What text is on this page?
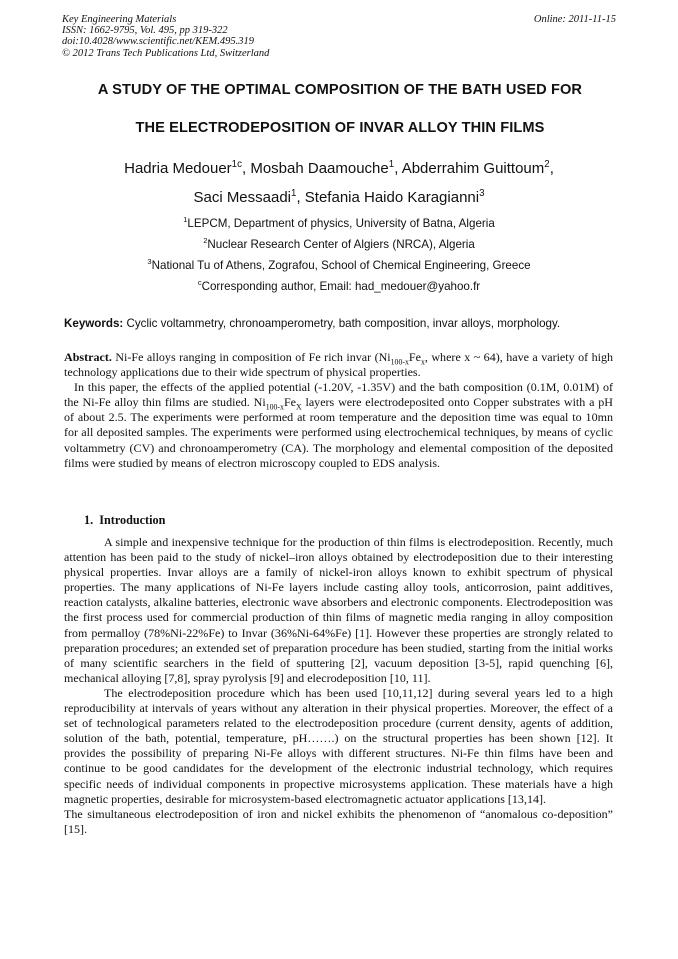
Key Engineering Materials
ISSN: 1662-9795, Vol. 495, pp 319-322
doi:10.4028/www.scientific.net/KEM.495.319
© 2012 Trans Tech Publications Ltd, Switzerland
Online: 2011-11-15
A STUDY OF THE OPTIMAL COMPOSITION OF THE BATH USED FOR
THE ELECTRODEPOSITION OF INVAR ALLOY THIN FILMS
Hadria Medouer$^{1c}$, Mosbah Daamouche$^1$, Abderrahim Guittoum$^2$,
Saci Messaadi$^1$, Stefania Haido Karagianni$^3$
$^1$LEPCM, Department of physics, University of Batna, Algeria
$^2$Nuclear Research Center of Algiers (NRCA), Algeria
$^3$National Tu of Athens, Zografou, School of Chemical Engineering, Greece
$^c$Corresponding author, Email: had_medouer@yahoo.fr
Keywords: Cyclic voltammetry, chronoamperometry, bath composition, invar alloys, morphology.

Abstract. Ni-Fe alloys ranging in composition of Fe rich invar ($Ni_{100-x}Fe_x$, where x ~ 64), have a variety of high technology applications due to their wide spectrum of physical properties.

In this paper, the effects of the applied potential (-1.20V, -1.35V) and the bath composition (0.1M, 0.01M) of the Ni-Fe alloy thin films are studied. $Ni_{100-x}Fe_X$ layers were electrodeposited onto Copper substrates with a pH of about 2.5. The experiments were performed at room temperature and the deposition time was equal to 10mn for all deposited samples. The experiments were performed using electrochemical techniques, by means of cyclic voltammetry (CV) and chronoamperometry (CA). The morphology and elemental composition of the deposited films were studied by means of electron microscopy coupled to EDS analysis.

1. Introduction

A simple and inexpensive technique for the production of thin films is electrodeposition. Recently, much attention has been paid to the study of nickel–iron alloys obtained by electrodeposition due to their interesting physical properties. Invar alloys are a family of nickel-iron alloys known to exhibit spectrum of physical properties. The many applications of Ni-Fe layers include casting alloy tools, anticorrosion, paint additives, reaction catalysts, alkaline batteries, electronic wave absorbers and electronic components. Electrodeposition was the first process used for commercial production of thin films of magnetic media ranging in alloy composition from permalloy (78%Ni-22%Fe) to Invar (36%Ni-64%Fe) [1]. However these properties are strongly related to preparation procedures; an extended set of preparation procedure has been studied, starting from the initial works of many scientific searchers in the field of sputtering [2], vacuum deposition [3-5], rapid quenching [6], mechanical alloying [7,8], spray pyrolysis [9] and elecrodeposition [10, 11].

The electrodeposition procedure which has been used [10,11,12] during several years led to a high reproducibility at intervals of years without any alteration in their physical properties. Moreover, the effect of a set of technological parameters related to the electrodeposition procedure (current density, agents of addition, solution of the bath, potential, temperature, pH…….) on the structural properties has been shown [12]. It provides the possibility of preparing Ni-Fe alloys with different structures. Ni-Fe thin films have been and continue to be good candidates for the development of the electronic industrial technology, which requires specific needs of individual components in propective microsystems application. These materials have a high magnetic properties, desirable for microsystem-based electromagnetic actuator applications [13,14].

The simultaneous electrodeposition of iron and nickel exhibits the phenomenon of “anomalous co-deposition” [15].
